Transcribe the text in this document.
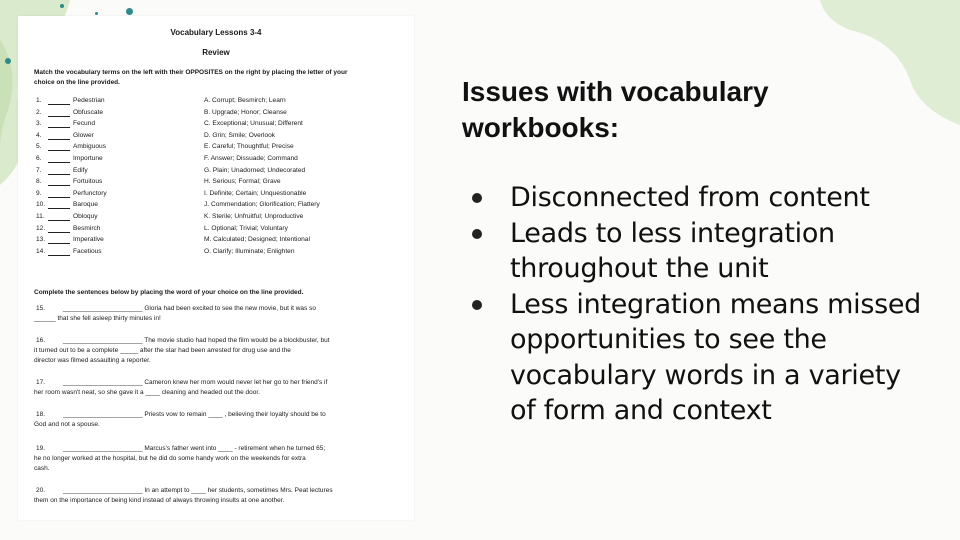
Vocabulary Lessons 3-4
Review
Match the vocabulary terms on the left with their OPPOSITES on the right by placing the letter of your
choice on the line provided.
1.	Pedestrian	A. Corrupt; Besmirch; Learn
2.	Obfuscate	B. Upgrade; Honor; Cleanse
3.	Fecund	C. Exceptional; Unusual; Different
4.	Glower	D. Grin; Smile; Overlook
5.	Ambiguous	E. Careful; Thoughtful; Precise
6.	Importune	F. Answer; Dissuade; Command
7.	Edify	G. Plain; Unadorned; Undecorated
8.	Fortuitous	H. Serious; Formal; Grave
9.	Perfunctory	I. Definite; Certain; Unquestionable
10.	Baroque	J. Commendation; Glorification; Flattery
11.	Obloquy	K. Sterile; Unfruitful; Unproductive
12.	Besmirch	L. Optional; Trivial; Voluntary
13.	Imperative	M. Calculated; Designed; Intentional
14.	Facetious	O. Clarify; Illuminate; Enlighten
Complete the sentences below by placing the word of your choice on the line provided.
15.	______________________ Gloria had been excited to see the new movie, but it was so
______ that she fell asleep thirty minutes in!
16.	______________________ The movie studio had hoped the film would be a blockbuster, but
it turned out to be a complete _____ after the star had been arrested for drug use and the
director was filmed assaulting a reporter.
17.	______________________ Cameron knew her mom would never let her go to her friend's if
her room wasn't neat, so she gave it a ____ cleaning and headed out the door.
18.	______________________ Priests vow to remain ____ , believing their loyalty should be to
God and not a spouse.
19.	______________________ Marcus's father went into ____ - retirement when he turned 65;
he no longer worked at the hospital, but he did do some handy work on the weekends for extra
cash.
20.	______________________ In an attempt to ____ her students, sometimes Mrs. Peat lectures
them on the importance of being kind instead of always throwing insults at one another.
Issues with vocabulary workbooks:
Disconnected from content
Leads to less integration throughout the unit
Less integration means missed opportunities to see the vocabulary words in a variety of form and context
